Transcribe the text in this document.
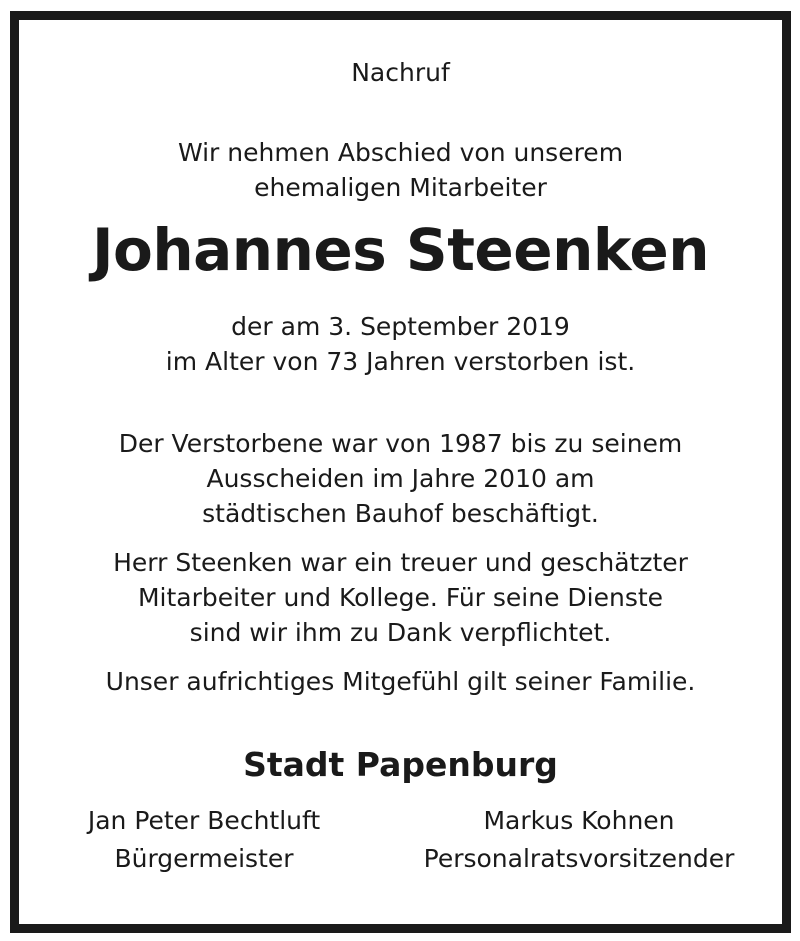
Nachruf
Wir nehmen Abschied von unserem
ehemaligen Mitarbeiter
Johannes Steenken
der am 3. September 2019
im Alter von 73 Jahren verstorben ist.
Der Verstorbene war von 1987 bis zu seinem
Ausscheiden im Jahre 2010 am
städtischen Bauhof beschäftigt.
Herr Steenken war ein treuer und geschätzter
Mitarbeiter und Kollege. Für seine Dienste
sind wir ihm zu Dank verpflichtet.
Unser aufrichtiges Mitgefühl gilt seiner Familie.
Stadt Papenburg
Jan Peter Bechtluft
Bürgermeister
Markus Kohnen
Personalratsvorsitzender
